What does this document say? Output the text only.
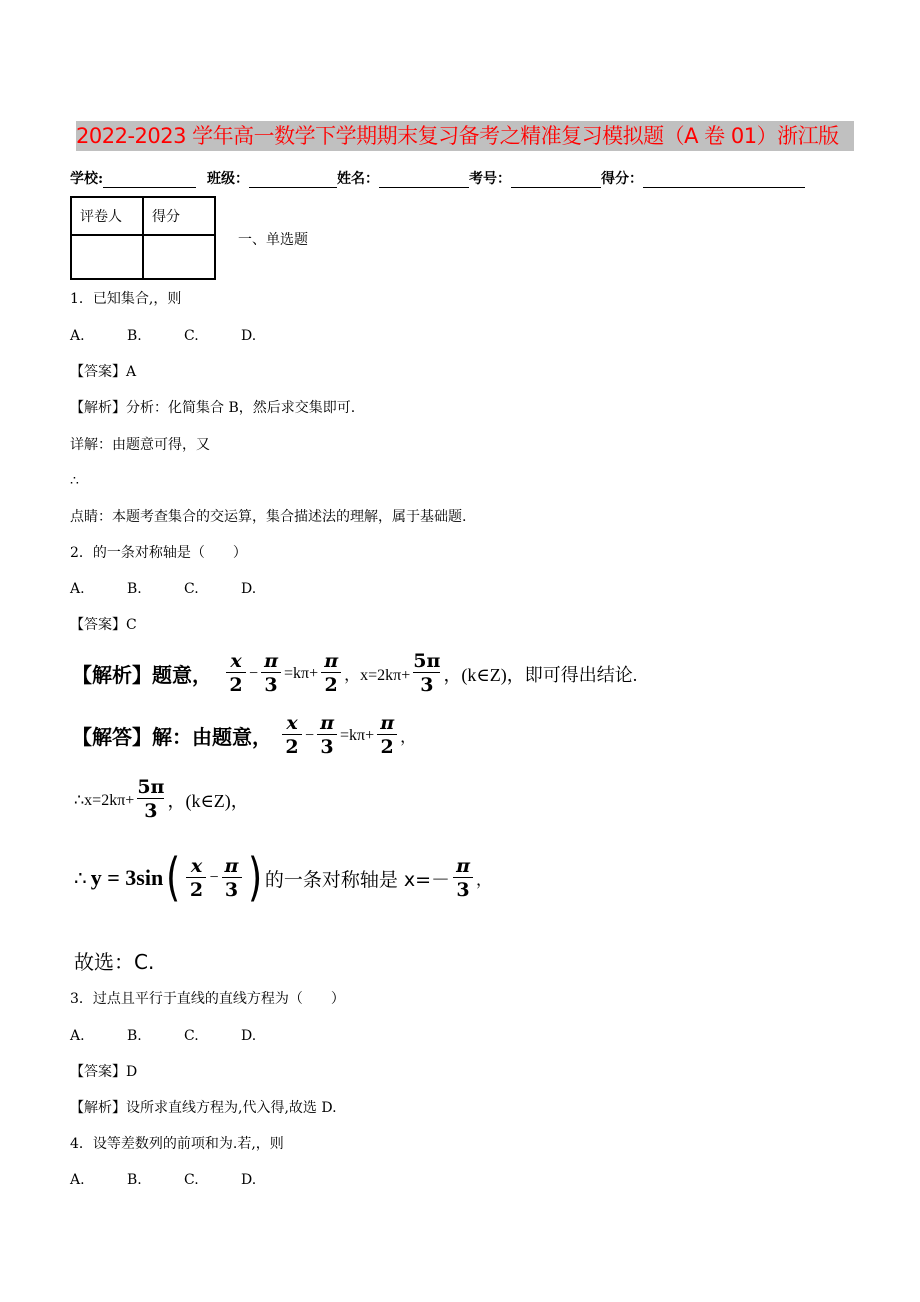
2022-2023 学年高一数学下学期期末复习备考之精准复习模拟题（A 卷 01）浙江版
学校:	班级：	姓名：	考号：	得分：
评卷人	得分

一、单选题
1．已知集合,，则
A.	B.	C.	D.
【答案】A
【解析】分析：化简集合 B，然后求交集即可.
详解：由题意可得，又
∴
点睛：本题考查集合的交运算，集合描述法的理解，属于基础题.
2．的一条对称轴是（　　）
A.	B.	C.	D.
【答案】C
【解析】题意， $\frac{x}{2} - \frac{\pi}{3} =k\pi+ \frac{\pi}{2}$ ，$x=2k\pi+ \frac{5\pi}{3}$ ，(k∈Z)，即可得出结论.
【解答】解：由题意， $\frac{x}{2} - \frac{\pi}{3} =k\pi+ \frac{\pi}{2}$ ，
∴x=2kπ+ $\frac{5\pi}{3}$ ，(k∈Z)，
∴ y = 3sin ( $\frac{x}{2} - \frac{\pi}{3}$ ) 的一条对称轴是 $x=- \frac{\pi}{3}$ ，
故选：C.
3．过点且平行于直线的直线方程为（　　）
A.	B.	C.	D.
【答案】D
【解析】设所求直线方程为,代入得,故选 D.
4．设等差数列的前项和为.若,，则
A.	B.	C.	D.
